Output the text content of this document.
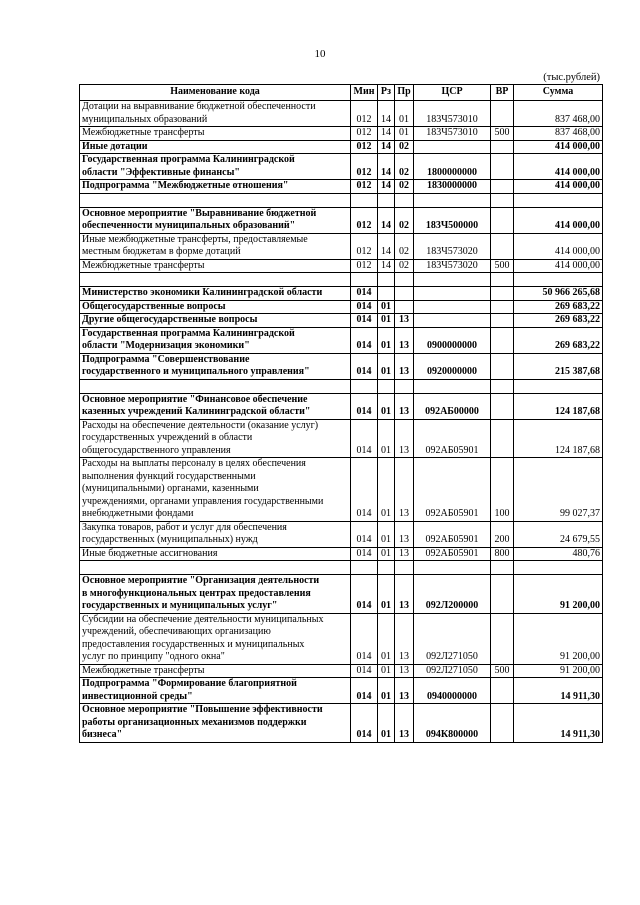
10
(тыс.рублей)
Наименование кода	Мин	Рз	Пр	ЦСР	ВР	Сумма
Дотации на выравнивание бюджетной обеспеченности
муниципальных образований	012	14	01	183Ч573010		837 468,00
Межбюджетные трансферты	012	14	01	183Ч573010	500	837 468,00
Иные дотации	012	14	02			414 000,00
Государственная программа Калининградской
области "Эффективные финансы"	012	14	02	1800000000		414 000,00
Подпрограмма "Межбюджетные отношения"	012	14	02	1830000000		414 000,00

Основное мероприятие "Выравнивание бюджетной
обеспеченности муниципальных образований"	012	14	02	183Ч500000		414 000,00
Иные межбюджетные трансферты, предоставляемые
местным бюджетам в форме дотаций	012	14	02	183Ч573020		414 000,00
Межбюджетные трансферты	012	14	02	183Ч573020	500	414 000,00

Министерство экономики Калининградской области	014					50 966 265,68
Общегосударственные вопросы	014	01				269 683,22
Другие общегосударственные вопросы	014	01	13			269 683,22
Государственная программа Калининградской
области "Модернизация экономики"	014	01	13	0900000000		269 683,22
Подпрограмма "Совершенствование
государственного и муниципального управления"	014	01	13	0920000000		215 387,68

Основное мероприятие "Финансовое обеспечение
казенных учреждений Калининградской области"	014	01	13	092АБ00000		124 187,68
Расходы на обеспечение деятельности (оказание услуг)
государственных учреждений в области
общегосударственного управления	014	01	13	092АБ05901		124 187,68
Расходы на выплаты персоналу в целях обеспечения
выполнения функций государственными
(муниципальными) органами, казенными
учреждениями, органами управления государственными
внебюджетными фондами	014	01	13	092АБ05901	100	99 027,37
Закупка товаров, работ и услуг для обеспечения
государственных (муниципальных) нужд	014	01	13	092АБ05901	200	24 679,55
Иные бюджетные ассигнования	014	01	13	092АБ05901	800	480,76

Основное мероприятие "Организация деятельности
в многофункциональных центрах предоставления
государственных и муниципальных услуг"	014	01	13	092Л200000		91 200,00
Субсидии на обеспечение деятельности муниципальных
учреждений, обеспечивающих организацию
предоставления государственных и муниципальных
услуг по принципу "одного окна"	014	01	13	092Л271050		91 200,00
Межбюджетные трансферты	014	01	13	092Л271050	500	91 200,00
Подпрограмма "Формирование благоприятной
инвестиционной среды"	014	01	13	0940000000		14 911,30
Основное мероприятие "Повышение эффективности
работы организационных механизмов поддержки
бизнеса"	014	01	13	094К800000		14 911,30
